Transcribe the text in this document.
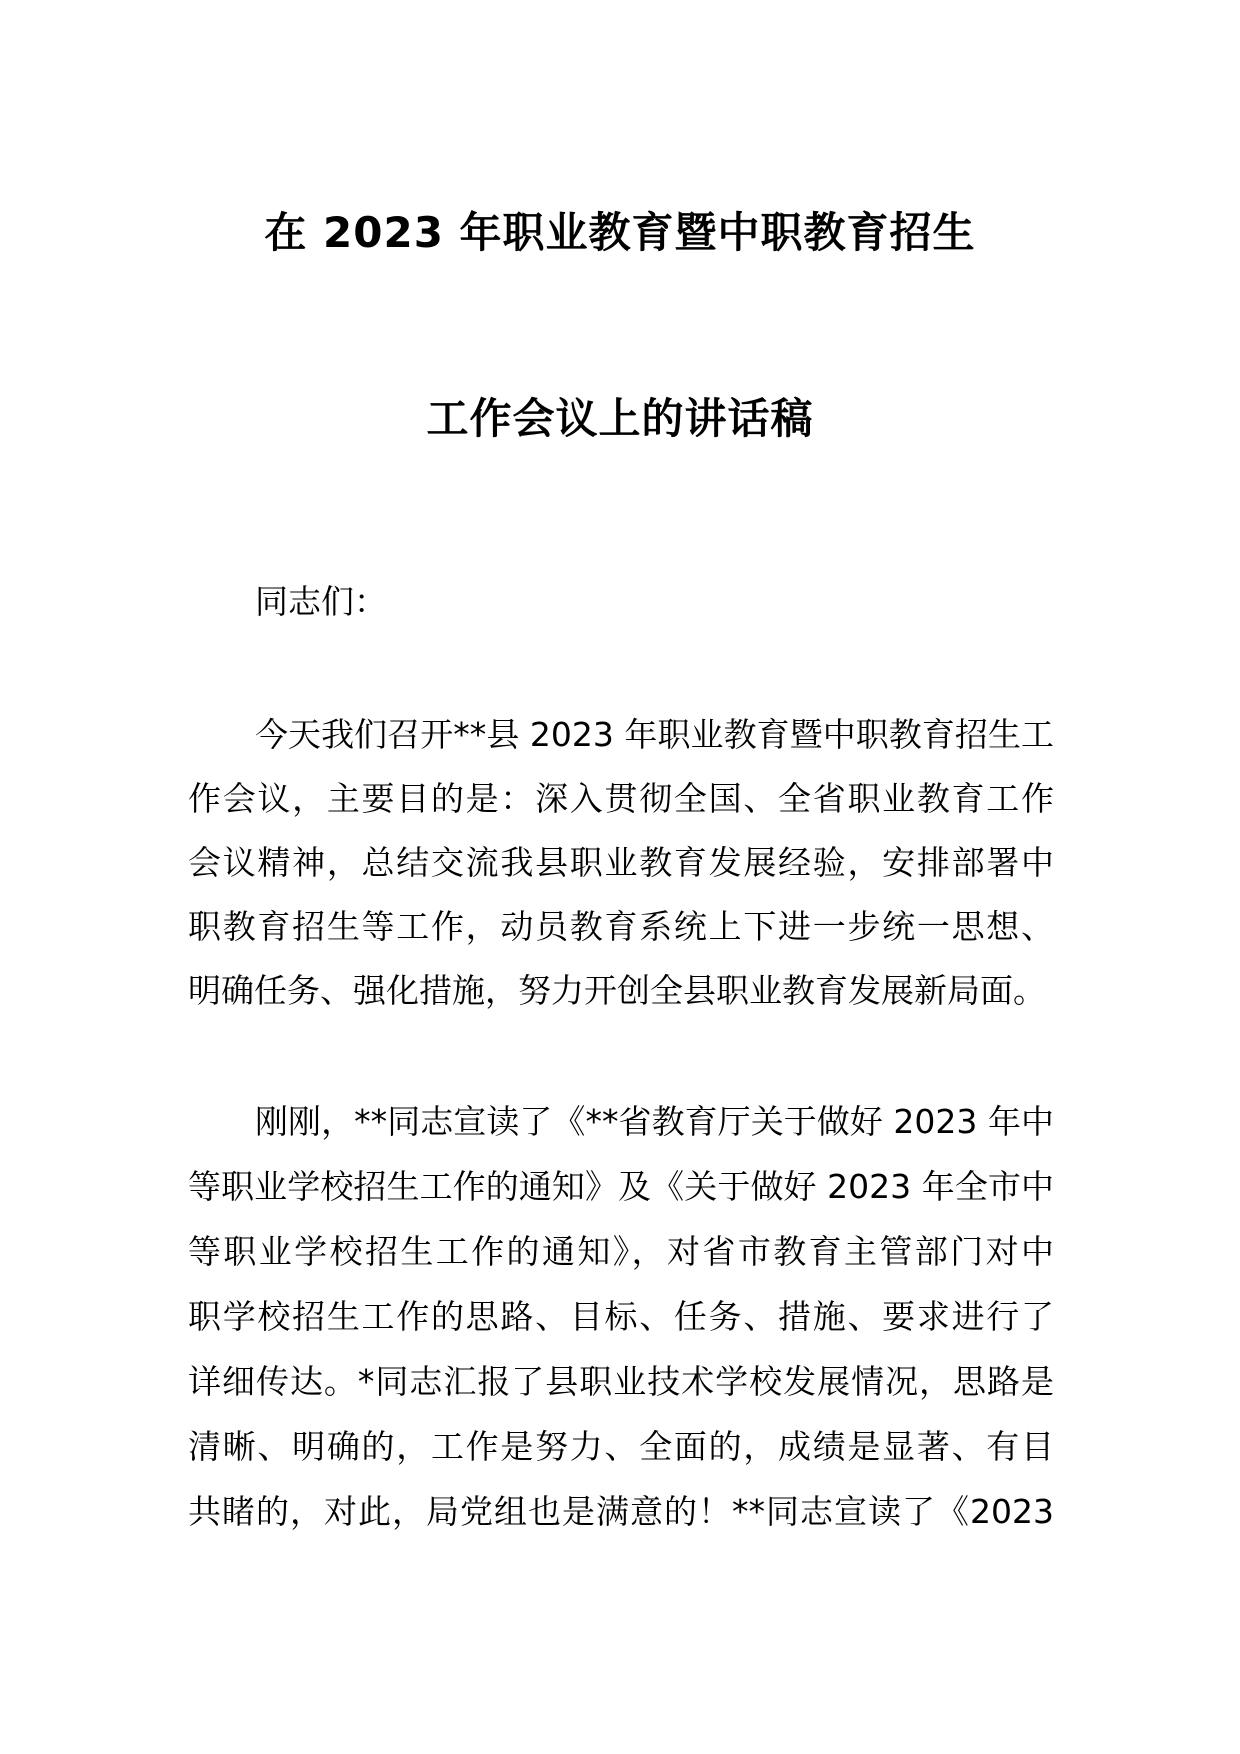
在 2023 年职业教育暨中职教育招生
工作会议上的讲话稿
同志们：
今天我们召开**县 2023 年职业教育暨中职教育招生工
作会议，主要目的是：深入贯彻全国、全省职业教育工作
会议精神，总结交流我县职业教育发展经验，安排部署中
职教育招生等工作，动员教育系统上下进一步统一思想、
明确任务、强化措施，努力开创全县职业教育发展新局面。
刚刚，**同志宣读了《**省教育厅关于做好 2023 年中
等职业学校招生工作的通知》及《关于做好 2023 年全市中
等职业学校招生工作的通知》，对省市教育主管部门对中
职学校招生工作的思路、目标、任务、措施、要求进行了
详细传达。*同志汇报了县职业技术学校发展情况，思路是
清晰、明确的，工作是努力、全面的，成绩是显著、有目
共睹的，对此，局党组也是满意的！**同志宣读了《2023
